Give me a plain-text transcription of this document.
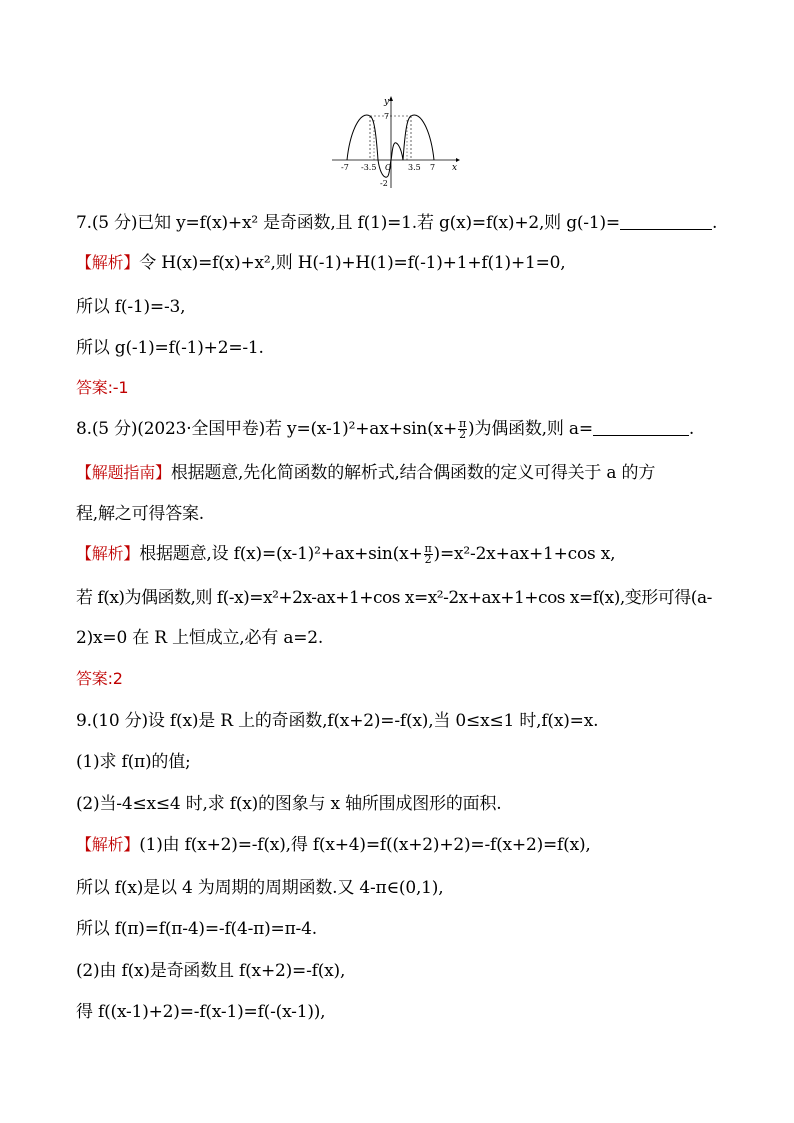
y
7
-2
O	x
-7 -3.5	3.5 7
7.(5 分)已知 y=f(x)+x² 是奇函数,且 f(1)=1.若 g(x)=f(x)+2,则 g(-1)=	.
【解析】令 H(x)=f(x)+x²,则 H(-1)+H(1)=f(-1)+1+f(1)+1=0,
所以 f(-1)=-3,
所以 g(-1)=f(-1)+2=-1.
答案:-1
8.(5 分)(2023·全国甲卷)若 $y=(x-1)^2+ax+\sin(x+ \frac{\pi}{2}$ )为偶函数,则 a=	.
【解题指南】根据题意,先化简函数的解析式,结合偶函数的定义可得关于 a 的方
程,解之可得答案.
【解析】根据题意,设 $f(x)=(x-1)^2+ax+\sin(x+ \frac{\pi}{2} )=x^2-2x+ax+1+\cos$ x,
若 f(x)为偶函数,则 f(-x)=x²+2x-ax+1+cos x=x²-2x+ax+1+cos x=f(x),变形可得(a-
2)x=0 在 R 上恒成立,必有 a=2.
答案:2
9.(10 分)设 f(x)是 R 上的奇函数,f(x+2)=-f(x),当 0≤x≤1 时,f(x)=x.
(1)求 f(π)的值;
(2)当-4≤x≤4 时,求 f(x)的图象与 x 轴所围成图形的面积.
【解析】(1)由 f(x+2)=-f(x),得 f(x+4)=f((x+2)+2)=-f(x+2)=f(x),
所以 f(x)是以 4 为周期的周期函数.又 4-π∈(0,1),
所以 f(π)=f(π-4)=-f(4-π)=π-4.
(2)由 f(x)是奇函数且 f(x+2)=-f(x),
得 f((x-1)+2)=-f(x-1)=f(-(x-1)),
